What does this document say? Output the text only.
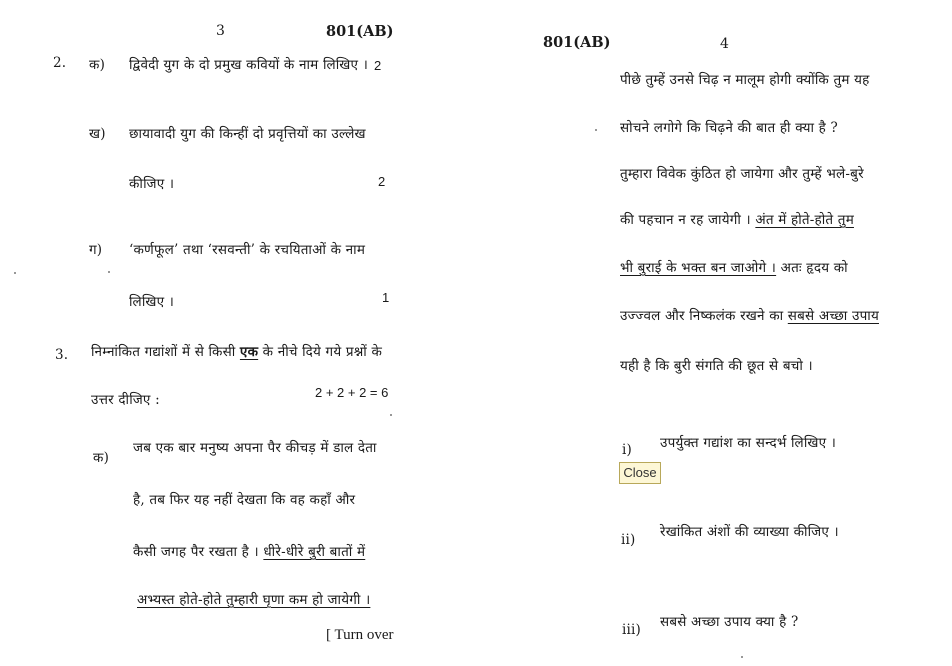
3	801(AB)
2. क) द्विवेदी युग के दो प्रमुख कवियों के नाम लिखिए । 2
ख) छायावादी युग की किन्हीं दो प्रवृत्तियों का उल्लेख
कीजिए ।	2
ग) ‘कर्णफूल’ तथा ‘रसवन्ती’ के रचयिताओं के नाम
लिखिए ।	1
3. निम्नांकित गद्यांशों में से किसी एक के नीचे दिये गये प्रश्नों के
उत्तर दीजिए :	2 + 2 + 2 = 6
क)
जब एक बार मनुष्य अपना पैर कीचड़ में डाल देता
है, तब फिर यह नहीं देखता कि वह कहाँ और
कैसी जगह पैर रखता है । धीरे-धीरे बुरी बातों में
अभ्यस्त होते-होते तुम्हारी घृणा कम हो जायेगी ।
[ Turn over
801(AB)	4
पीछे तुम्हें उनसे चिढ़ न मालूम होगी क्योंकि तुम यह
सोचने लगोगे कि चिढ़ने की बात ही क्या है ?
तुम्हारा विवेक कुंठित हो जायेगा और तुम्हें भले-बुरे
की पहचान न रह जायेगी । अंत में होते-होते तुम
भी बुराई के भक्त बन जाओगे । अतः हृदय को
उज्ज्वल और निष्कलंक रखने का सबसे अच्छा उपाय
यही है कि बुरी संगति की छूत से बचो ।
i) उपर्युक्त गद्यांश का सन्दर्भ लिखिए ।
ii) रेखांकित अंशों की व्याख्या कीजिए ।
iii) सबसे अच्छा उपाय क्या है ?
Close
